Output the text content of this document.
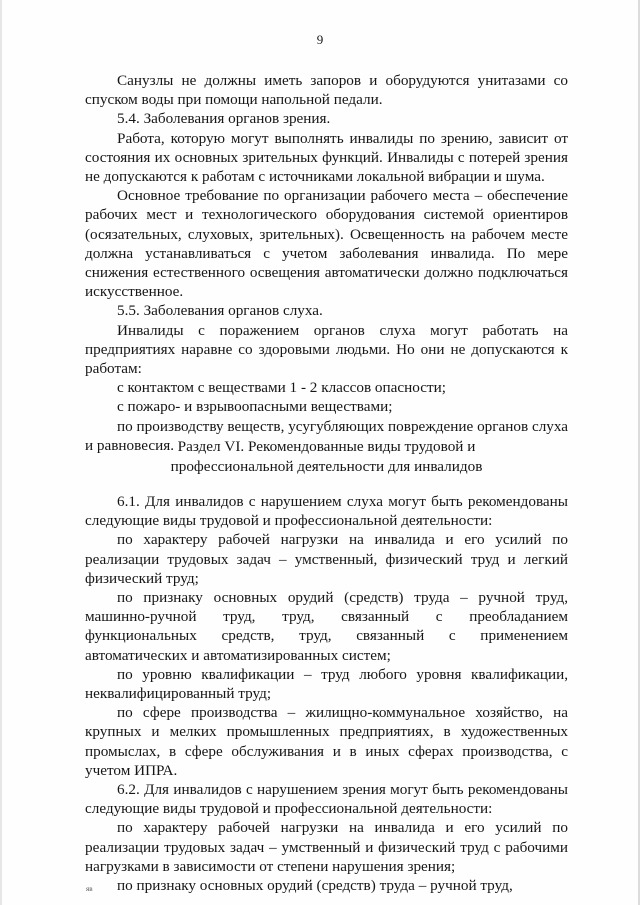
9

Санузлы не должны иметь запоров и оборудуются унитазами со спуском воды при помощи напольной педали.

5.4. Заболевания органов зрения.

Работа, которую могут выполнять инвалиды по зрению, зависит от состояния их основных зрительных функций. Инвалиды с потерей зрения не допускаются к работам с источниками локальной вибрации и шума.

Основное требование по организации рабочего места – обеспечение рабочих мест и технологического оборудования системой ориентиров (осязательных, слуховых, зрительных). Освещенность на рабочем месте должна устанавливаться с учетом заболевания инвалида. По мере снижения естественного освещения автоматически должно подключаться искусственное.

5.5. Заболевания органов слуха.

Инвалиды с поражением органов слуха могут работать на предприятиях наравне со здоровыми людьми. Но они не допускаются к работам:

с контактом с веществами 1 - 2 классов опасности;

с пожаро- и взрывоопасными веществами;

по производству веществ, усугубляющих повреждение органов слуха и равновесия. Раздел VI. Рекомендованные виды трудовой и
профессиональной деятельности для инвалидов

6.1. Для инвалидов с нарушением слуха могут быть рекомендованы следующие виды трудовой и профессиональной деятельности:

по характеру рабочей нагрузки на инвалида и его усилий по реализации трудовых задач – умственный, физический труд и легкий физический труд;

по признаку основных орудий (средств) труда – ручной труд, машинно-ручной труд, труд, связанный с преобладанием функциональных средств, труд, связанный с применением автоматических и автоматизированных систем;

по уровню квалификации – труд любого уровня квалификации, неквалифицированный труд;

по сфере производства – жилищно-коммунальное хозяйство, на крупных и мелких промышленных предприятиях, в художественных промыслах, в сфере обслуживания и в иных сферах производства, с учетом ИПРА.

6.2. Для инвалидов с нарушением зрения могут быть рекомендованы следующие виды трудовой и профессиональной деятельности:

по характеру рабочей нагрузки на инвалида и его усилий по реализации трудовых задач – умственный и физический труд с рабочими нагрузками в зависимости от степени нарушения зрения;

по признаку основных орудий (средств) труда – ручной труд,

яв
